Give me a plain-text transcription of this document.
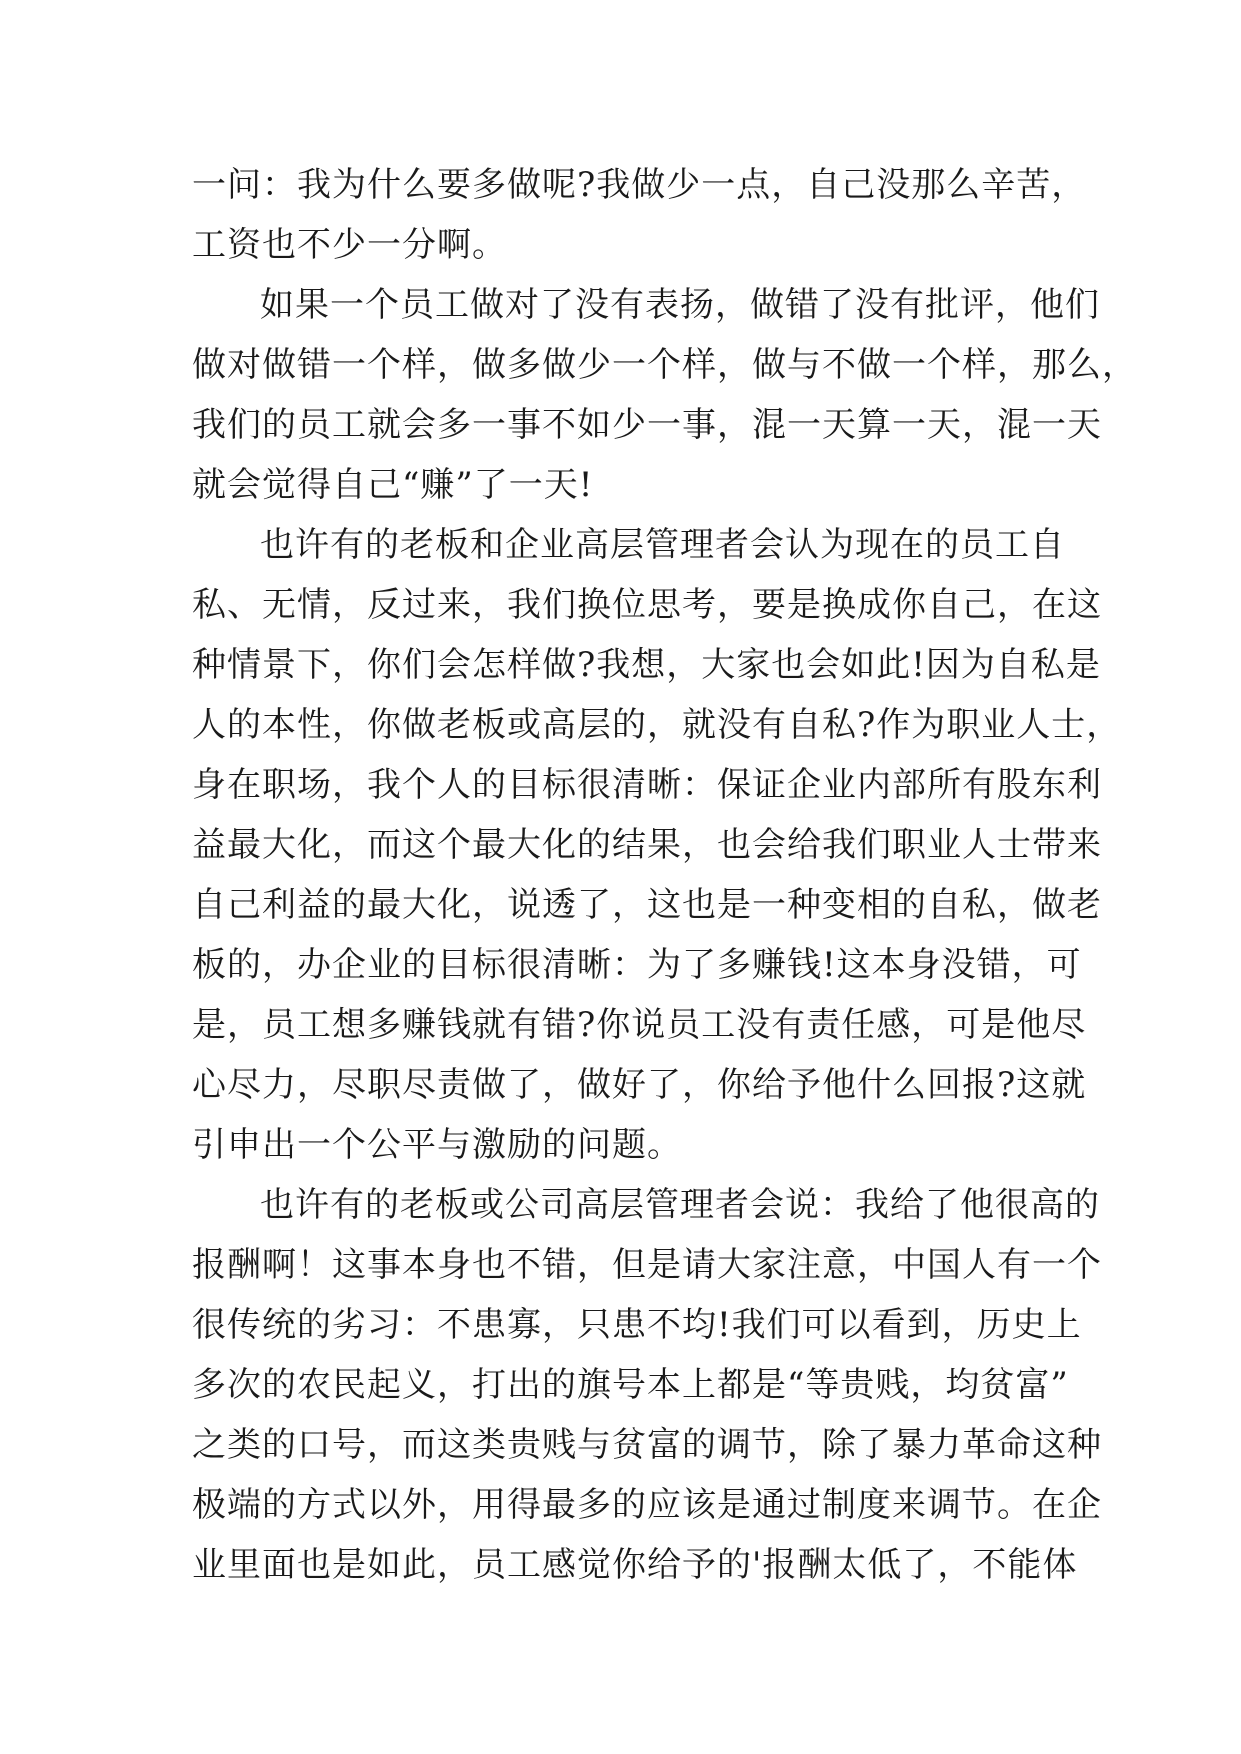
一问：我为什么要多做呢?我做少一点，自己没那么辛苦，
工资也不少一分啊。
如果一个员工做对了没有表扬，做错了没有批评，他们
做对做错一个样，做多做少一个样，做与不做一个样，那么，
我们的员工就会多一事不如少一事，混一天算一天，混一天
就会觉得自己“赚”了一天!
也许有的老板和企业高层管理者会认为现在的员工自
私、无情，反过来，我们换位思考，要是换成你自己，在这
种情景下，你们会怎样做?我想，大家也会如此!因为自私是
人的本性，你做老板或高层的，就没有自私?作为职业人士，
身在职场，我个人的目标很清晰：保证企业内部所有股东利
益最大化，而这个最大化的结果，也会给我们职业人士带来
自己利益的最大化，说透了，这也是一种变相的自私，做老
板的，办企业的目标很清晰：为了多赚钱!这本身没错，可
是，员工想多赚钱就有错?你说员工没有责任感，可是他尽
心尽力，尽职尽责做了，做好了，你给予他什么回报?这就
引申出一个公平与激励的问题。
也许有的老板或公司高层管理者会说：我给了他很高的
报酬啊！这事本身也不错，但是请大家注意，中国人有一个
很传统的劣习：不患寡，只患不均!我们可以看到，历史上
多次的农民起义，打出的旗号本上都是“等贵贱，均贫富”
之类的口号，而这类贵贱与贫富的调节，除了暴力革命这种
极端的方式以外，用得最多的应该是通过制度来调节。在企
业里面也是如此，员工感觉你给予的'报酬太低了，不能体
